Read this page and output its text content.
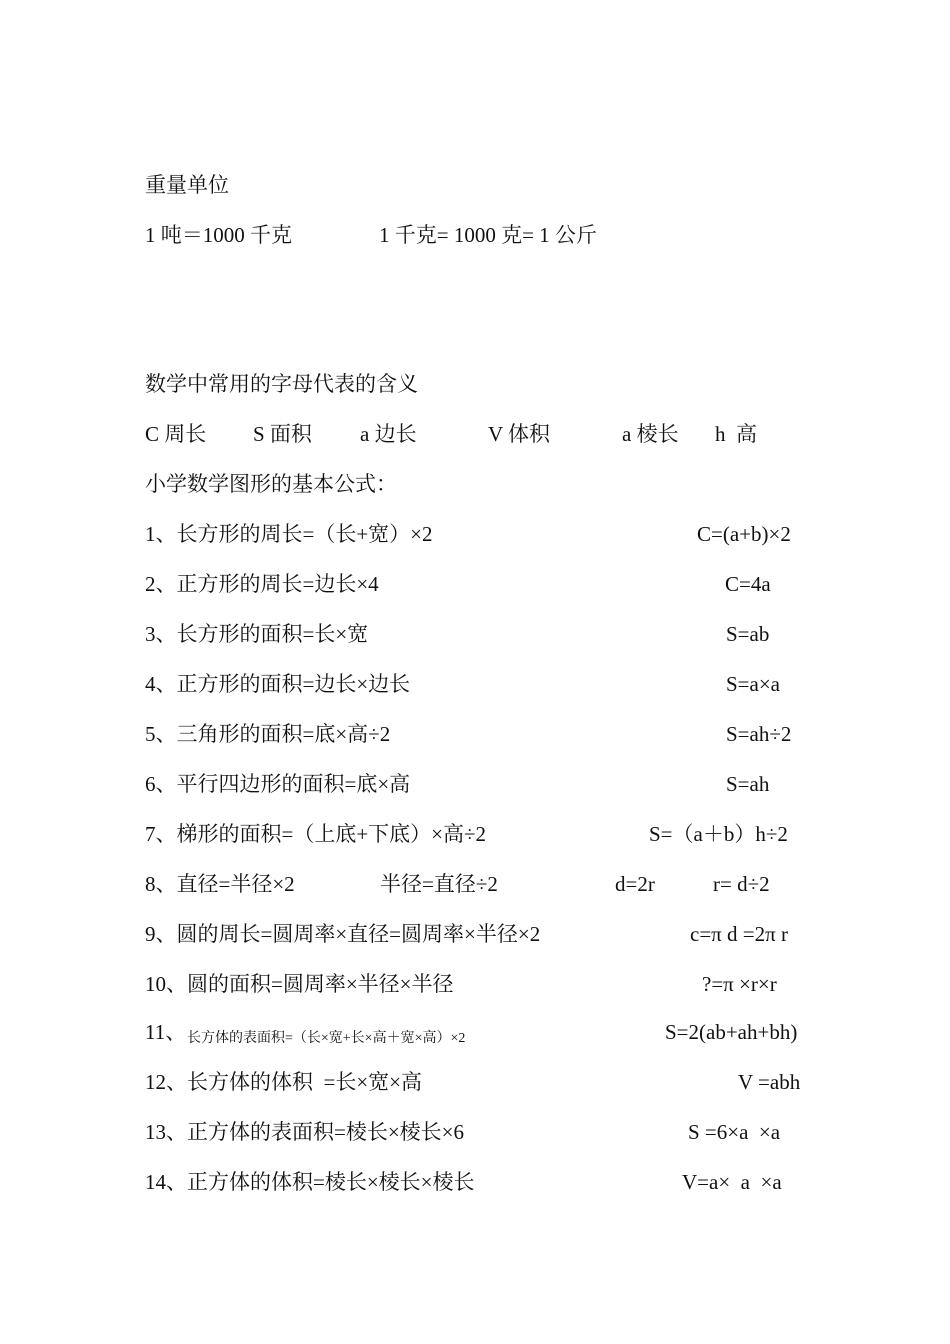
重量单位
1 吨＝1000 千克	1 千克= 1000 克= 1 公斤
数学中常用的字母代表的含义

C 周长

S 面积

a 边长

	V 体积

	a 棱长

h  高

小学数学图形的基本公式：
1、长方形的周长=（长+宽）×2	C=(a+b)×2
2、正方形的周长=边长×4	C=4a
3、长方形的面积=长×宽	S=ab
4、正方形的面积=边长×边长	S=a×a
5、三角形的面积=底×高÷2	S=ah÷2
6、平行四边形的面积=底×高	S=ah
7、梯形的面积=（上底+下底）×高÷2	S=（a＋b）h÷2
8、直径=半径×2	半径=直径÷2	d=2r	r= d÷2
9、圆的周长=圆周率×直径=圆周率×半径×2	c=π d =2π r
10、圆的面积=圆周率×半径×半径	?=π ×r×r
11、 长方体的表面积=（长×宽+长×高＋宽×高）×2	S=2(ab+ah+bh)
12、长方体的体积  =长×宽×高	V =abh
13、正方体的表面积=棱长×棱长×6	S =6×a  ×a
14、正方体的体积=棱长×棱长×棱长	V=a×  a  ×a
